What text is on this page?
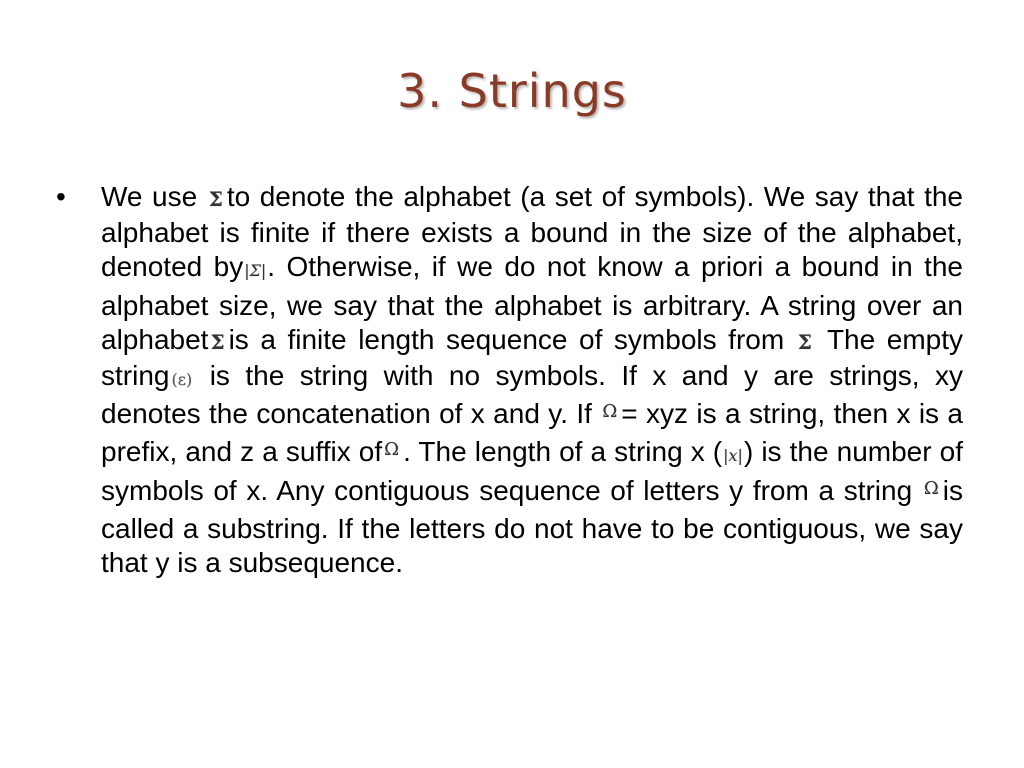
3. Strings
• We use Σ to denote the alphabet (a set of symbols). We say that the alphabet is finite if there exists a bound in the size of the alphabet, denoted by|Σ|. Otherwise, if we do not know a priori a bound in the alphabet size, we say that the alphabet is arbitrary. A string over an alphabet Σ is a finite length sequence of symbols from Σ The empty string (ε) is the string with no symbols. If x and y are strings, xy denotes the concatenation of x and y. If Ω = xyz is a string, then x is a prefix, and z a suffix of Ω . The length of a string x (|x|) is the number of symbols of x. Any contiguous sequence of letters y from a string Ω is called a substring. If the letters do not have to be contiguous, we say that y is a subsequence.
